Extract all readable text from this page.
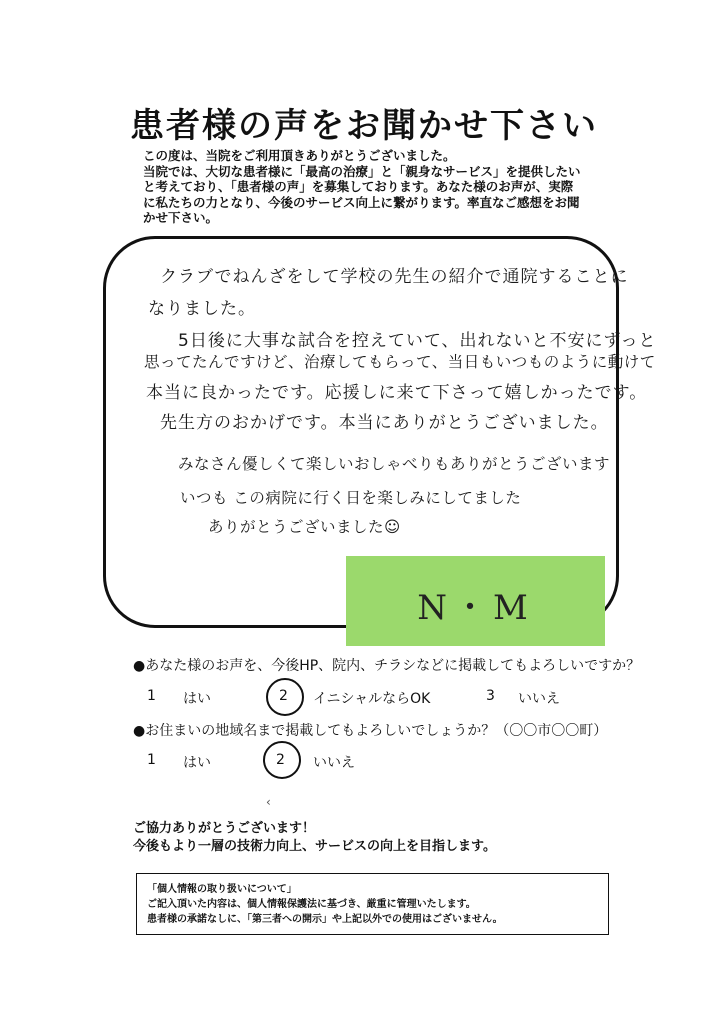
患者様の声をお聞かせ下さい
この度は、当院をご利用頂きありがとうございました。
当院では、大切な患者様に「最高の治療」と「親身なサービス」を提供したい
と考えており、「患者様の声」を募集しております。あなた様のお声が、実際
に私たちの力となり、今後のサービス向上に繋がります。率直なご感想をお聞
かせ下さい。
クラブでねんざをして学校の先生の紹介で通院することに
なりました。
5日後に大事な試合を控えていて、出れないと不安にずっと
思ってたんですけど、治療してもらって、当日もいつものように動けて
本当に良かったです。応援しに来て下さって嬉しかったです。
先生方のおかげです。本当にありがとうございました。
みなさん優しくて楽しいおしゃべりもありがとうございます
いつも この病院に行く日を楽しみにしてました
ありがとうございました☺
N・M
●あなた様のお声を、今後HP、院内、チラシなどに掲載してもよろしいですか？
1 はい	2 イニシャルならOK	3 いいえ
●お住まいの地域名まで掲載してもよろしいでしょうか？（〇〇市〇〇町）
1 はい	2 いいえ
‹
ご協力ありがとうございます！
今後もより一層の技術力向上、サービスの向上を目指します。
「個人情報の取り扱いについて」
ご記入頂いた内容は、個人情報保護法に基づき、厳重に管理いたします。
患者様の承諾なしに、「第三者への開示」や上記以外での使用はございません。
